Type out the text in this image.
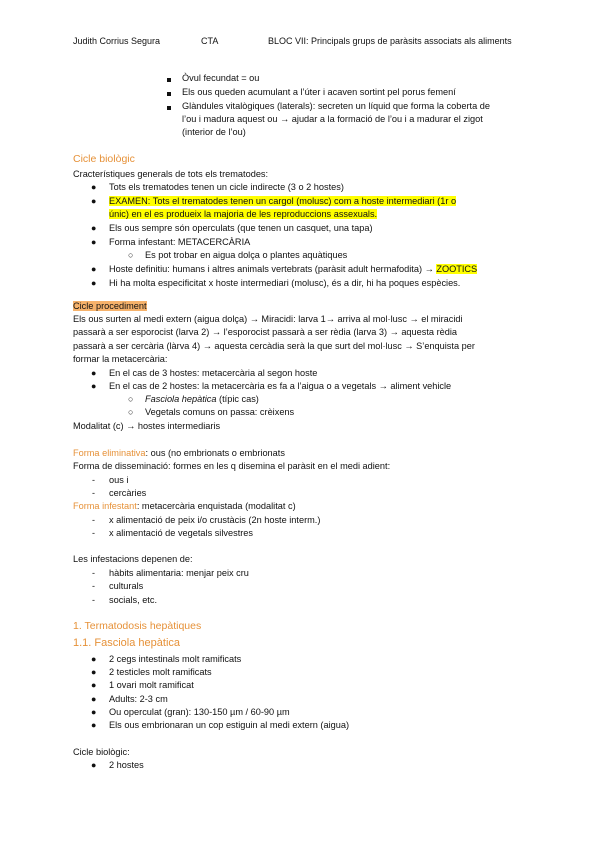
Judith Corrius Segura	CTA	BLOC VII: Principals grups de paràsits associats als aliments
Òvul fecundat = ou
Els ous queden acumulant a l’úter i acaven sortint pel porus femení
Glàndules vitalògiques (laterals): secreten un líquid que forma la coberta de
l’ou i madura aquest ou → ajudar a la formació de l’ou i a madurar el zigot
(interior de l’ou)
Cicle biològic
Cracterístiques generals de tots els trematodes:
● Tots els trematodes tenen un cicle indirecte (3 o 2 hostes)
● EXAMEN: Tots el trematodes tenen un cargol (molusc) com a hoste intermediari (1r o
únic) en el es produeix la majoria de les reproduccions assexuals.
● Els ous sempre són operculats (que tenen un casquet, una tapa)
● Forma infestant: METACERCÀRIA
○ Es pot trobar en aigua dolça o plantes aquàtiques
● Hoste definitiu: humans i altres animals vertebrats (paràsit adult hermafodita) → ZOOTICS
● Hi ha molta especificitat x hoste intermediari (molusc), és a dir, hi ha poques espècies.
Cicle procediment
Els ous surten al medi extern (aigua dolça) → Miracidi: larva 1→ arriva al mol·lusc → el miracidi
passarà a ser esporocist (larva 2) → l’esporocist passarà a ser rèdia (larva 3) → aquesta rèdia
passarà a ser cercària (làrva 4) → aquesta cercàdia serà la que surt del mol·lusc → S’enquista per
formar la metacercària:
● En el cas de 3 hostes: metacercària al segon hoste
● En el cas de 2 hostes: la metacercària es fa a l’aigua o a vegetals → aliment vehicle
○ Fasciola hepàtica (típic cas)
○ Vegetals comuns on passa: crèixens
Modalitat (c) → hostes intermediaris
Forma eliminativa: ous (no embrionats o embrionats
Forma de disseminació: formes en les q disemina el paràsit en el medi adient:
- ous i
- cercàries
Forma infestant: metacercària enquistada (modalitat c)
- x alimentació de peix i/o crustàcis (2n hoste interm.)
- x alimentació de vegetals silvestres
Les infestacions depenen de:
- hàbits alimentaria: menjar peix cru
- culturals
- socials, etc.
1. Termatodosis hepàtiques
1.1. Fasciola hepàtica
● 2 cegs intestinals molt ramificats
● 2 testicles molt ramificats
● 1 ovari molt ramificat
● Adults: 2-3 cm
● Ou operculat (gran): 130-150 µm / 60-90 µm
● Els ous embrionaran un cop estiguin al medi extern (aigua)
Cicle biològic:
● 2 hostes
